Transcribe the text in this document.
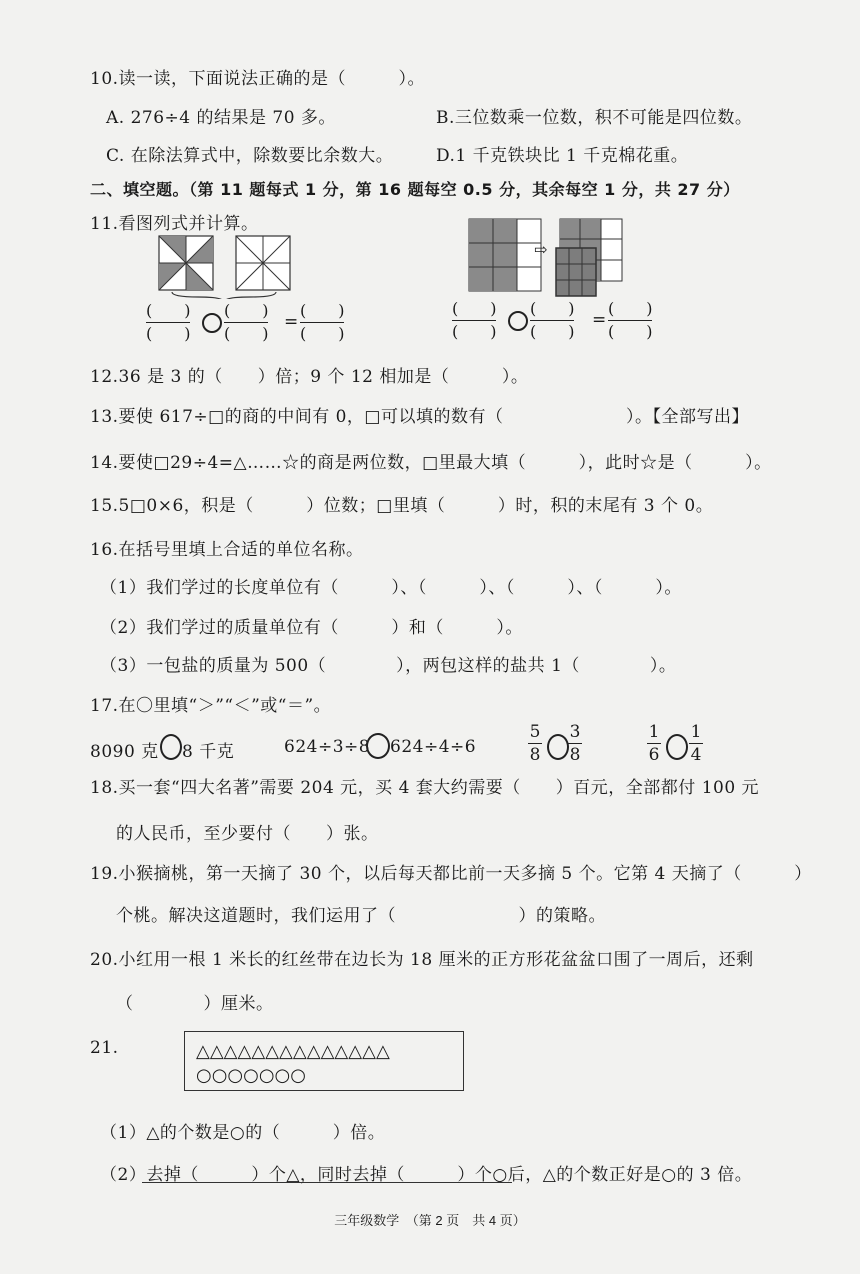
10.读一读，下面说法正确的是（　　　）。
A. 276÷4 的结果是 70 多。	B.三位数乘一位数，积不可能是四位数。
C. 在除法算式中，除数要比余数大。	D.1 千克铁块比 1 千克棉花重。
二、填空题。（第 11 题每式 1 分，第 16 题每空 0.5 分，其余每空 1 分，共 27 分）
11.看图列式并计算。
(　　)
(　　)
(　　)
(　　)
=
(　　)
(　　)
⇨
(　　)
(　　)
(　　)
(　　)
=
(　　)
(　　)
12.36 是 3 的（　　）倍；9 个 12 相加是（　　　）。
13.要使 617÷□的商的中间有 0，□可以填的数有（　　　　　　　）。【全部写出】
14.要使□29÷4=△……☆的商是两位数，□里最大填（　　　），此时☆是（　　　）。
15.5□0×6，积是（　　　）位数；□里填（　　　）时，积的末尾有 3 个 0。
16.在括号里填上合适的单位名称。
（1）我们学过的长度单位有（　　　）、（　　　）、（　　　）、（　　　）。
（2）我们学过的质量单位有（　　　）和（　　　）。
（3）一包盐的质量为 500（　　　　），两包这样的盐共 1（　　　　）。
17.在〇里填“＞”“＜”或“＝”。
8090 克 8 千克	624÷3÷8 624÷4÷6
5
8
3
8
1
6
1
4
18.买一套“四大名著”需要 204 元，买 4 套大约需要（　　）百元，全部都付 100 元
的人民币，至少要付（　　）张。
19.小猴摘桃，第一天摘了 30 个，以后每天都比前一天多摘 5 个。它第 4 天摘了（　　　）
个桃。解决这道题时，我们运用了（　　　　　　　）的策略。
20.小红用一根 1 米长的红丝带在边长为 18 厘米的正方形花盆盆口围了一周后，还剩
（　　　　）厘米。
21.	△△△△△△△△△△△△△△
○○○○○○○
（1）△的个数是○的（　　　）倍。
（2）去掉（　　　）个△，同时去掉（　　　）个○后，△的个数正好是○的 3 倍。
三年级数学　（第 2 页　共 4 页）
